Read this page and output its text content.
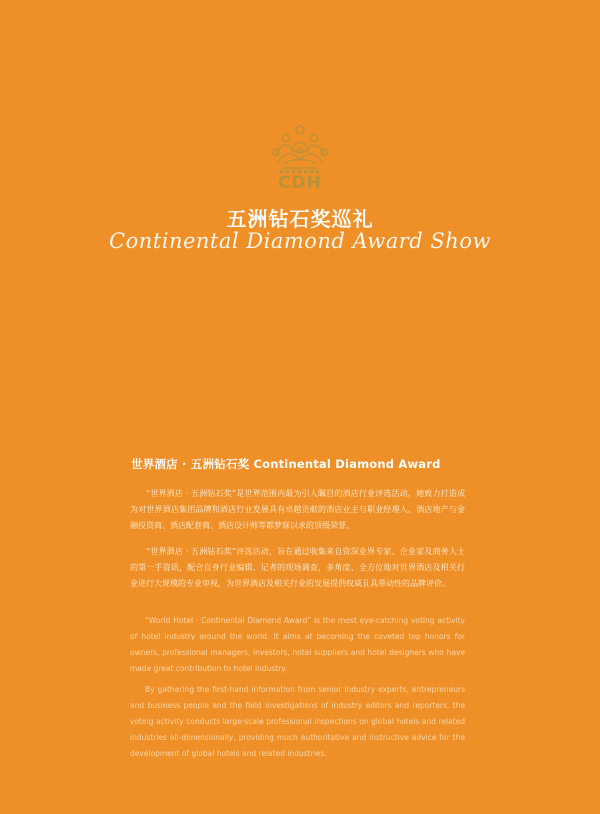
CDH
五洲钻石奖巡礼
Continental Diamond Award Show
世界酒店 · 五洲钻石奖 Continental Diamond Award

“世界酒店 · 五洲钻石奖”是世界范围内最为引人瞩目的酒店行业评选活动，她致力打造成为对世界酒店集团品牌和酒店行业发展具有卓越贡献的酒店业主与职业经理人、酒店地产与金融投资商、酒店配套商、酒店设计师等都梦寐以求的顶级荣誉。

“世界酒店 · 五洲钻石奖”评选活动，旨在通过收集来自资深业界专家、企业家及商务人士的第一手资讯，配合自身行业编辑、记者的现场调查，多角度、全方位地对世界酒店及相关行业进行大规模的专业审视，为世界酒店及相关行业的发展提供权威且具带动性的品牌评价。

“World Hotel · Continental Diamond Award” is the most eye-catching voting activity of hotel industry around the world. It aims at becoming the coveted top honors for owners, professional managers, investors, hotel suppliers and hotel designers who have made great contribution to hotel industry.

By gathering the first-hand information from senior industry experts, entrepreneurs and business people and the field investigations of industry editors and reporters, the voting activity conducts large-scale professional inspections on global hotels and related industries all-dimensionally, providing much authoritative and instructive advice for the development of global hotels and related industries.
